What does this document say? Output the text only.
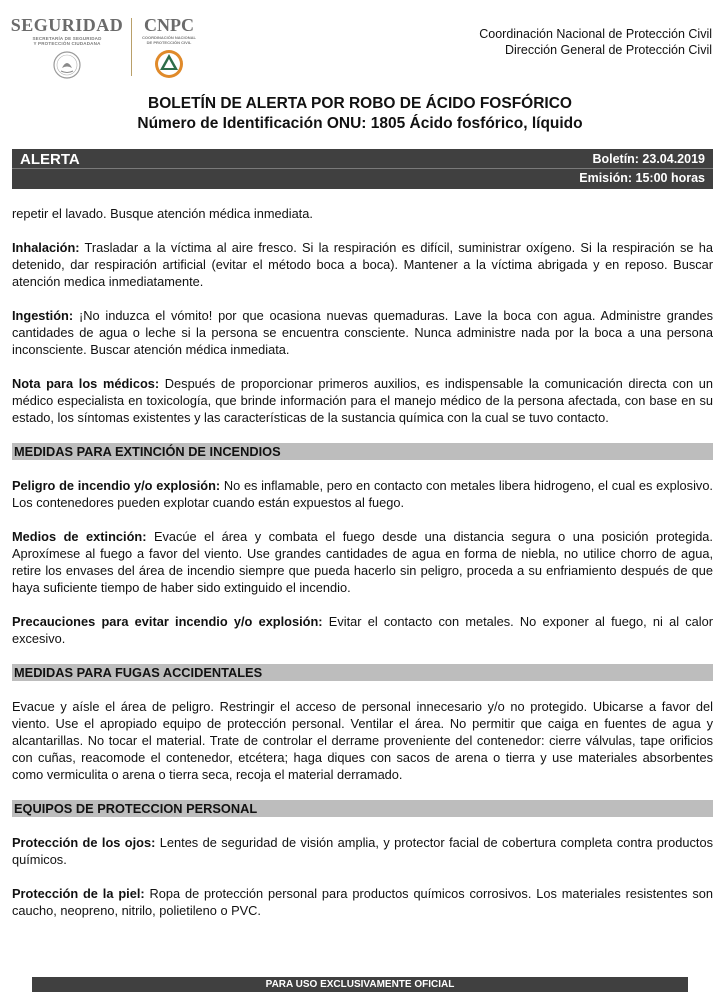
SEGURIDAD
SECRETARÍA DE SEGURIDAD
Y PROTECCIÓN CIUDADANA
CNPC
COORDINACIÓN NACIONAL
DE PROTECCIÓN CIVIL
Coordinación Nacional de Protección Civil
Dirección General de Protección Civil
BOLETÍN DE ALERTA POR ROBO DE ÁCIDO FOSFÓRICO
Número de Identificación ONU: 1805 Ácido fosfórico, líquido
ALERTA	Boletín: 23.04.2019
Emisión: 15:00 horas

repetir el lavado. Busque atención médica inmediata.

Inhalación: Trasladar a la víctima al aire fresco. Si la respiración es difícil, suministrar oxígeno. Si la respiración se ha detenido, dar respiración artificial (evitar el método boca a boca). Mantener a la víctima abrigada y en reposo. Buscar atención medica inmediatamente.

Ingestión: ¡No induzca el vómito! por que ocasiona nuevas quemaduras. Lave la boca con agua. Administre grandes cantidades de agua o leche si la persona se encuentra consciente. Nunca administre nada por la boca a una persona inconsciente. Buscar atención médica inmediata.

Nota para los médicos: Después de proporcionar primeros auxilios, es indispensable la comunicación directa con un médico especialista en toxicología, que brinde información para el manejo médico de la persona afectada, con base en su estado, los síntomas existentes y las características de la sustancia química con la cual se tuvo contacto.

MEDIDAS PARA EXTINCIÓN DE INCENDIOS

Peligro de incendio y/o explosión: No es inflamable, pero en contacto con metales libera hidrogeno, el cual es explosivo. Los contenedores pueden explotar cuando están expuestos al fuego.

Medios de extinción: Evacúe el área y combata el fuego desde una distancia segura o una posición protegida. Aproxímese al fuego a favor del viento. Use grandes cantidades de agua en forma de niebla, no utilice chorro de agua, retire los envases del área de incendio siempre que pueda hacerlo sin peligro, proceda a su enfriamiento después de que haya suficiente tiempo de haber sido extinguido el incendio.

Precauciones para evitar incendio y/o explosión: Evitar el contacto con metales. No exponer al fuego, ni al calor excesivo.

MEDIDAS PARA FUGAS ACCIDENTALES

Evacue y aísle el área de peligro. Restringir el acceso de personal innecesario y/o no protegido. Ubicarse a favor del viento. Use el apropiado equipo de protección personal. Ventilar el área. No permitir que caiga en fuentes de agua y alcantarillas. No tocar el material. Trate de controlar el derrame proveniente del contenedor: cierre válvulas, tape orificios con cuñas, reacomode el contenedor, etcétera; haga diques con sacos de arena o tierra y use materiales absorbentes como vermiculita o arena o tierra seca, recoja el material derramado.

EQUIPOS DE PROTECCION PERSONAL

Protección de los ojos: Lentes de seguridad de visión amplia, y protector facial de cobertura completa contra productos químicos.

Protección de la piel: Ropa de protección personal para productos químicos corrosivos. Los materiales resistentes son caucho, neopreno, nitrilo, polietileno o PVC.

PARA USO EXCLUSIVAMENTE OFICIAL
